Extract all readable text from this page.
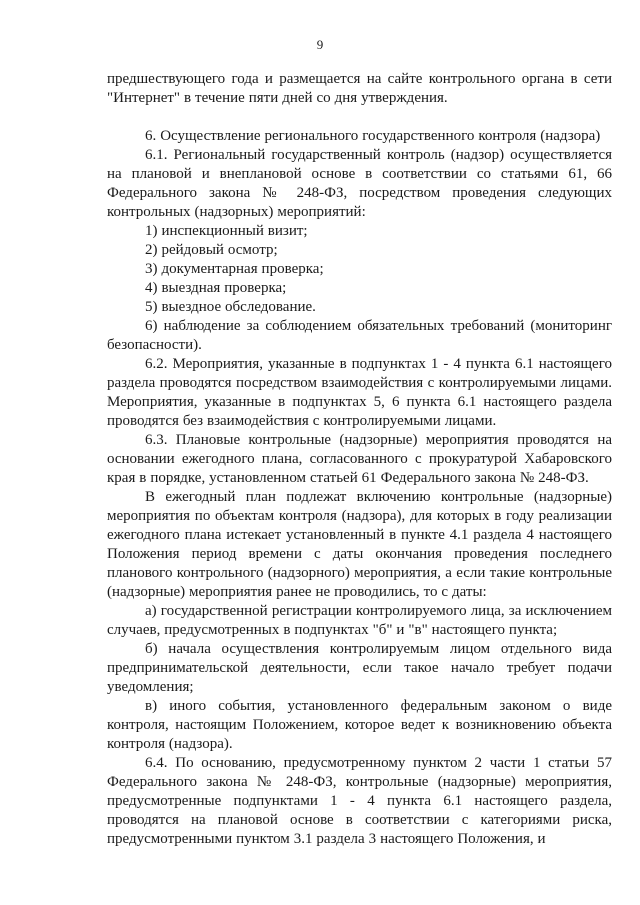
9

предшествующего года и размещается на сайте контрольного органа в сети "Интернет" в течение пяти дней со дня утверждения.

6. Осуществление регионального государственного контроля (надзора)

6.1. Региональный государственный контроль (надзор) осуществляется на плановой и внеплановой основе в соответствии со статьями 61, 66 Федерального закона № 248-ФЗ, посредством проведения следующих контрольных (надзорных) мероприятий:

1) инспекционный визит;

2) рейдовый осмотр;

3) документарная проверка;

4) выездная проверка;

5) выездное обследование.

6) наблюдение за соблюдением обязательных требований (мониторинг безопасности).

6.2. Мероприятия, указанные в подпунктах 1 - 4 пункта 6.1 настоящего раздела проводятся посредством взаимодействия с контролируемыми лицами. Мероприятия, указанные в подпунктах 5, 6 пункта 6.1 настоящего раздела проводятся без взаимодействия с контролируемыми лицами.

6.3. Плановые контрольные (надзорные) мероприятия проводятся на основании ежегодного плана, согласованного с прокуратурой Хабаровского края в порядке, установленном статьей 61 Федерального закона № 248-ФЗ.

В ежегодный план подлежат включению контрольные (надзорные) мероприятия по объектам контроля (надзора), для которых в году реализации ежегодного плана истекает установленный в пункте 4.1 раздела 4 настоящего Положения период времени с даты окончания проведения последнего планового контрольного (надзорного) мероприятия, а если такие контрольные (надзорные) мероприятия ранее не проводились, то с даты:

а) государственной регистрации контролируемого лица, за исключением случаев, предусмотренных в подпунктах "б" и "в" настоящего пункта;

б) начала осуществления контролируемым лицом отдельного вида предпринимательской деятельности, если такое начало требует подачи уведомления;

в) иного события, установленного федеральным законом о виде контроля, настоящим Положением, которое ведет к возникновению объекта контроля (надзора).

6.4. По основанию, предусмотренному пунктом 2 части 1 статьи 57 Федерального закона № 248-ФЗ, контрольные (надзорные) мероприятия, предусмотренные подпунктами 1 - 4 пункта 6.1 настоящего раздела, проводятся на плановой основе в соответствии с категориями риска, предусмотренными пунктом 3.1 раздела 3 настоящего Положения, и
